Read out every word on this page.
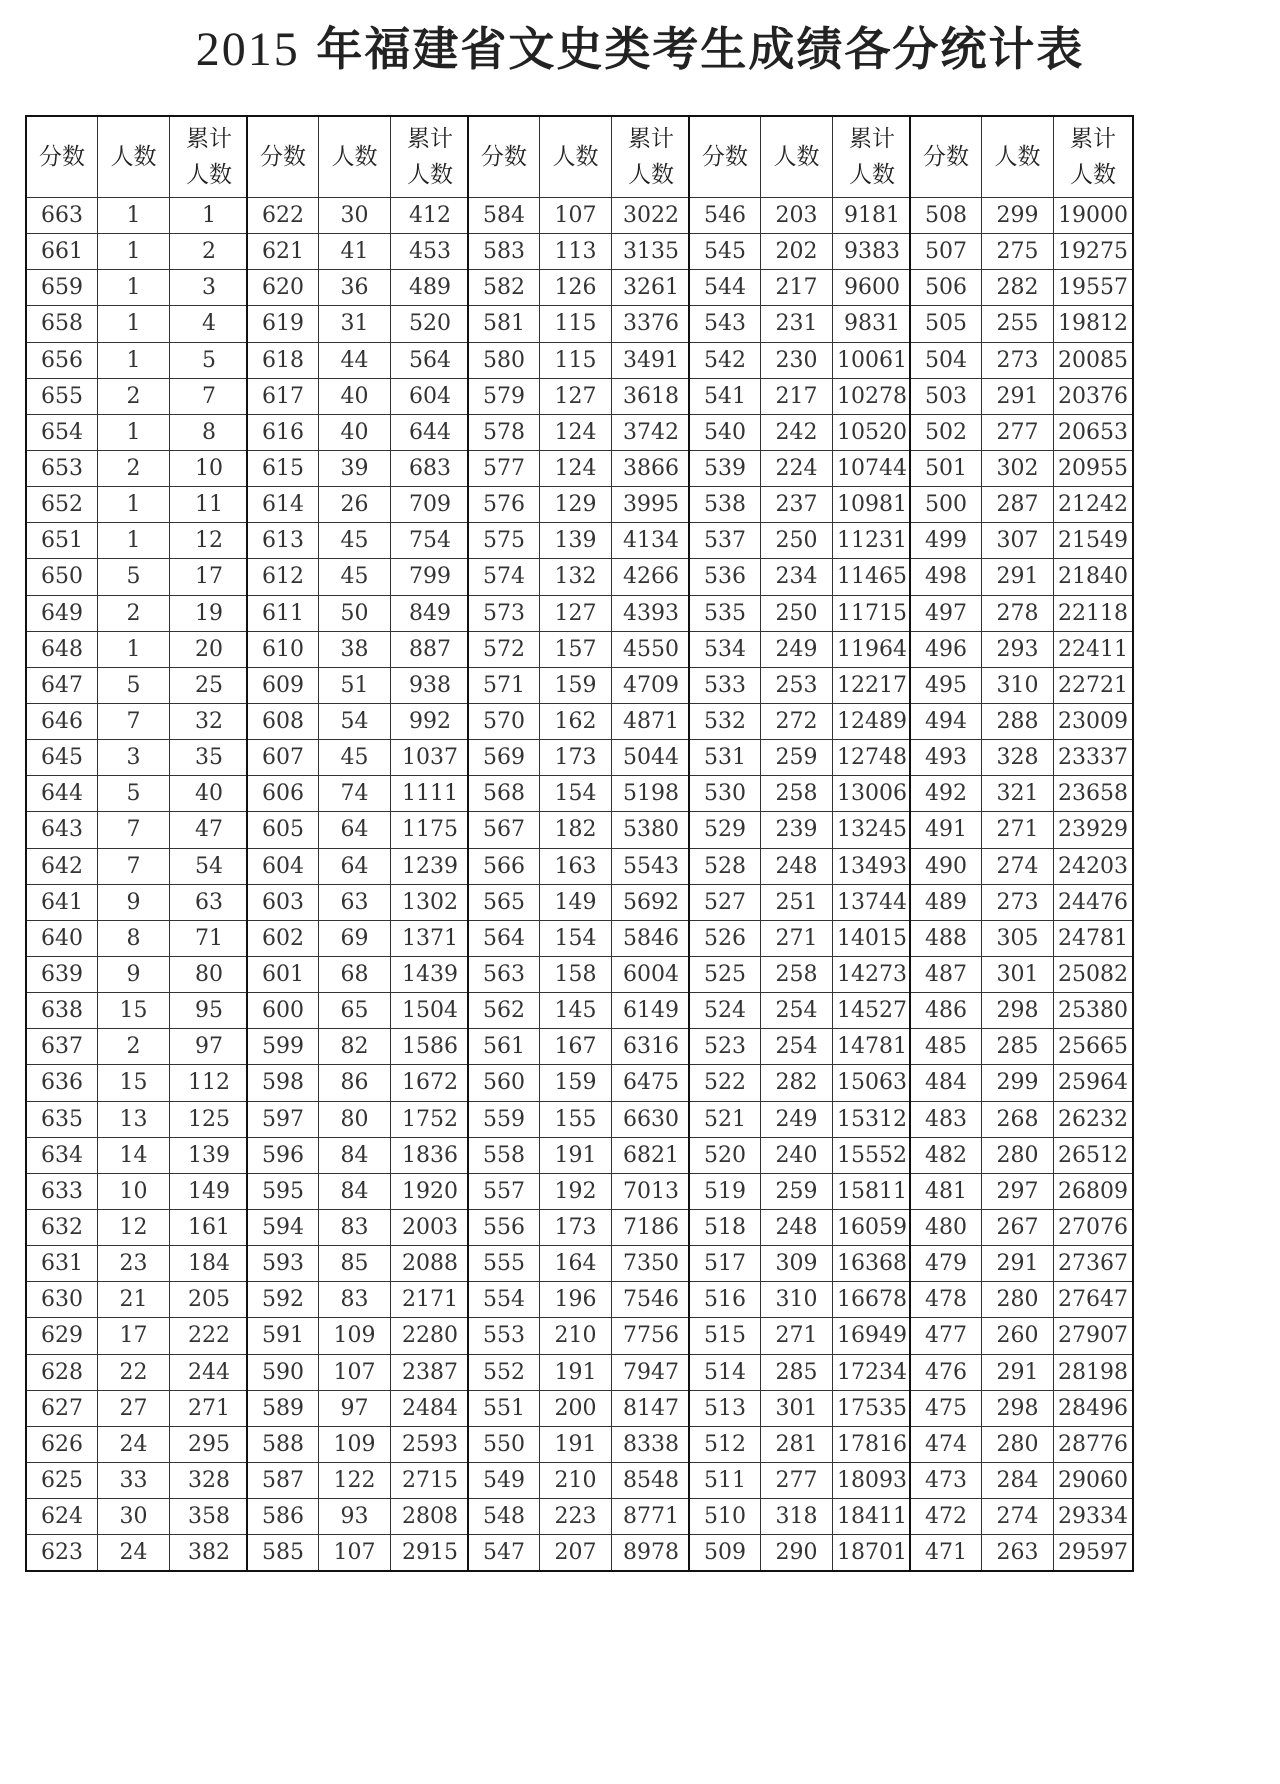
2015 年福建省文史类考生成绩各分统计表
分数	人数	累计
人数

663	1	1
661	1	2
659	1	3
658	1	4
656	1	5
655	2	7
654	1	8
653	2	10
652	1	11
651	1	12
650	5	17
649	2	19
648	1	20
647	5	25
646	7	32
645	3	35
644	5	40
643	7	47
642	7	54
641	9	63
640	8	71
639	9	80
638	15	95
637	2	97
636	15	112
635	13	125
634	14	139
633	10	149
632	12	161
631	23	184
630	21	205
629	17	222
628	22	244
627	27	271
626	24	295
625	33	328
624	30	358
623	24	382
分数	人数	累计
人数

622	30	412
621	41	453
620	36	489
619	31	520
618	44	564
617	40	604
616	40	644
615	39	683
614	26	709
613	45	754
612	45	799
611	50	849
610	38	887
609	51	938
608	54	992
607	45	1037
606	74	1111
605	64	1175
604	64	1239
603	63	1302
602	69	1371
601	68	1439
600	65	1504
599	82	1586
598	86	1672
597	80	1752
596	84	1836
595	84	1920
594	83	2003
593	85	2088
592	83	2171
591	109	2280
590	107	2387
589	97	2484
588	109	2593
587	122	2715
586	93	2808
585	107	2915
分数	人数	累计
人数

584	107	3022
583	113	3135
582	126	3261
581	115	3376
580	115	3491
579	127	3618
578	124	3742
577	124	3866
576	129	3995
575	139	4134
574	132	4266
573	127	4393
572	157	4550
571	159	4709
570	162	4871
569	173	5044
568	154	5198
567	182	5380
566	163	5543
565	149	5692
564	154	5846
563	158	6004
562	145	6149
561	167	6316
560	159	6475
559	155	6630
558	191	6821
557	192	7013
556	173	7186
555	164	7350
554	196	7546
553	210	7756
552	191	7947
551	200	8147
550	191	8338
549	210	8548
548	223	8771
547	207	8978
分数	人数	累计
人数

546	203	9181
545	202	9383
544	217	9600
543	231	9831
542	230	10061
541	217	10278
540	242	10520
539	224	10744
538	237	10981
537	250	11231
536	234	11465
535	250	11715
534	249	11964
533	253	12217
532	272	12489
531	259	12748
530	258	13006
529	239	13245
528	248	13493
527	251	13744
526	271	14015
525	258	14273
524	254	14527
523	254	14781
522	282	15063
521	249	15312
520	240	15552
519	259	15811
518	248	16059
517	309	16368
516	310	16678
515	271	16949
514	285	17234
513	301	17535
512	281	17816
511	277	18093
510	318	18411
509	290	18701
分数	人数	累计
人数

508	299	19000
507	275	19275
506	282	19557
505	255	19812
504	273	20085
503	291	20376
502	277	20653
501	302	20955
500	287	21242
499	307	21549
498	291	21840
497	278	22118
496	293	22411
495	310	22721
494	288	23009
493	328	23337
492	321	23658
491	271	23929
490	274	24203
489	273	24476
488	305	24781
487	301	25082
486	298	25380
485	285	25665
484	299	25964
483	268	26232
482	280	26512
481	297	26809
480	267	27076
479	291	27367
478	280	27647
477	260	27907
476	291	28198
475	298	28496
474	280	28776
473	284	29060
472	274	29334
471	263	29597
